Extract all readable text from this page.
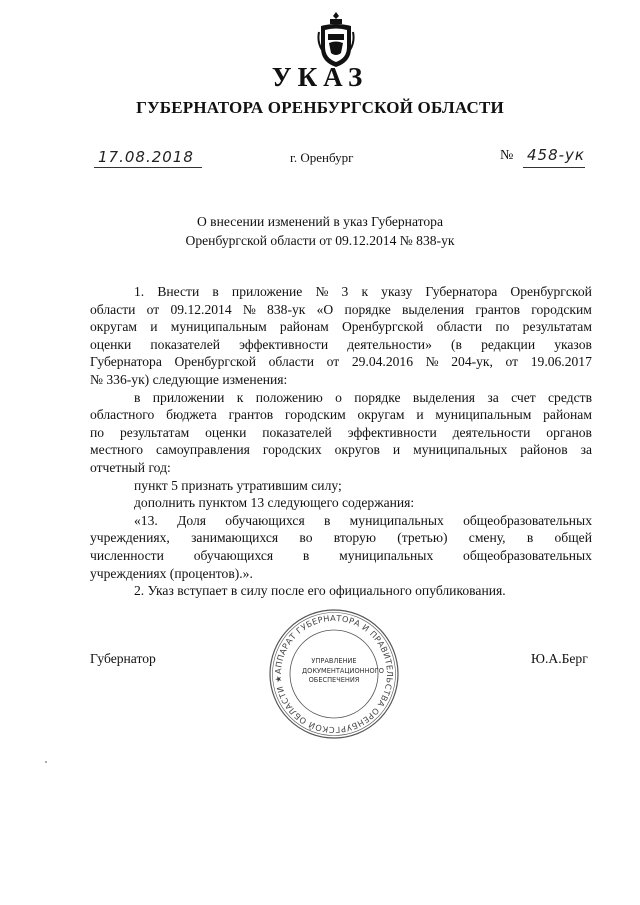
УКАЗ
ГУБЕРНАТОРА ОРЕНБУРГСКОЙ ОБЛАСТИ
17.08.2018	г. Оренбург	№ 458-ук
О внесении изменений в указ Губернатора
Оренбургской области от 09.12.2014 № 838-ук
1. Внести в приложение № 3 к указу Губернатора Оренбургской
области от 09.12.2014 № 838-ук «О порядке выделения грантов городским
округам и муниципальным районам Оренбургской области по результатам
оценки показателей эффективности деятельности» (в редакции указов
Губернатора Оренбургской области от 29.04.2016 № 204-ук, от 19.06.2017
№ 336-ук) следующие изменения:
в приложении к положению о порядке выделения за счет средств
областного бюджета грантов городским округам и муниципальным районам
по результатам оценки показателей эффективности деятельности органов
местного самоуправления городских округов и муниципальных районов за
отчетный год:
пункт 5 признать утратившим силу;
дополнить пунктом 13 следующего содержания:
«13. Доля обучающихся в муниципальных общеобразовательных
учреждениях, занимающихся во вторую (третью) смену, в общей
численности обучающихся в муниципальных общеобразовательных
учреждениях (процентов).».
2. Указ вступает в силу после его официального опубликования.
Губернатор	Ю.А.Берг
АППАРАТ ГУБЕРНАТОРА И ПРАВИТЕЛЬСТВА ОРЕНБУРГСКОЙ ОБЛАСТИ ★
УПРАВЛЕНИЕ
ДОКУМЕНТАЦИОННОГО
ОБЕСПЕЧЕНИЯ
